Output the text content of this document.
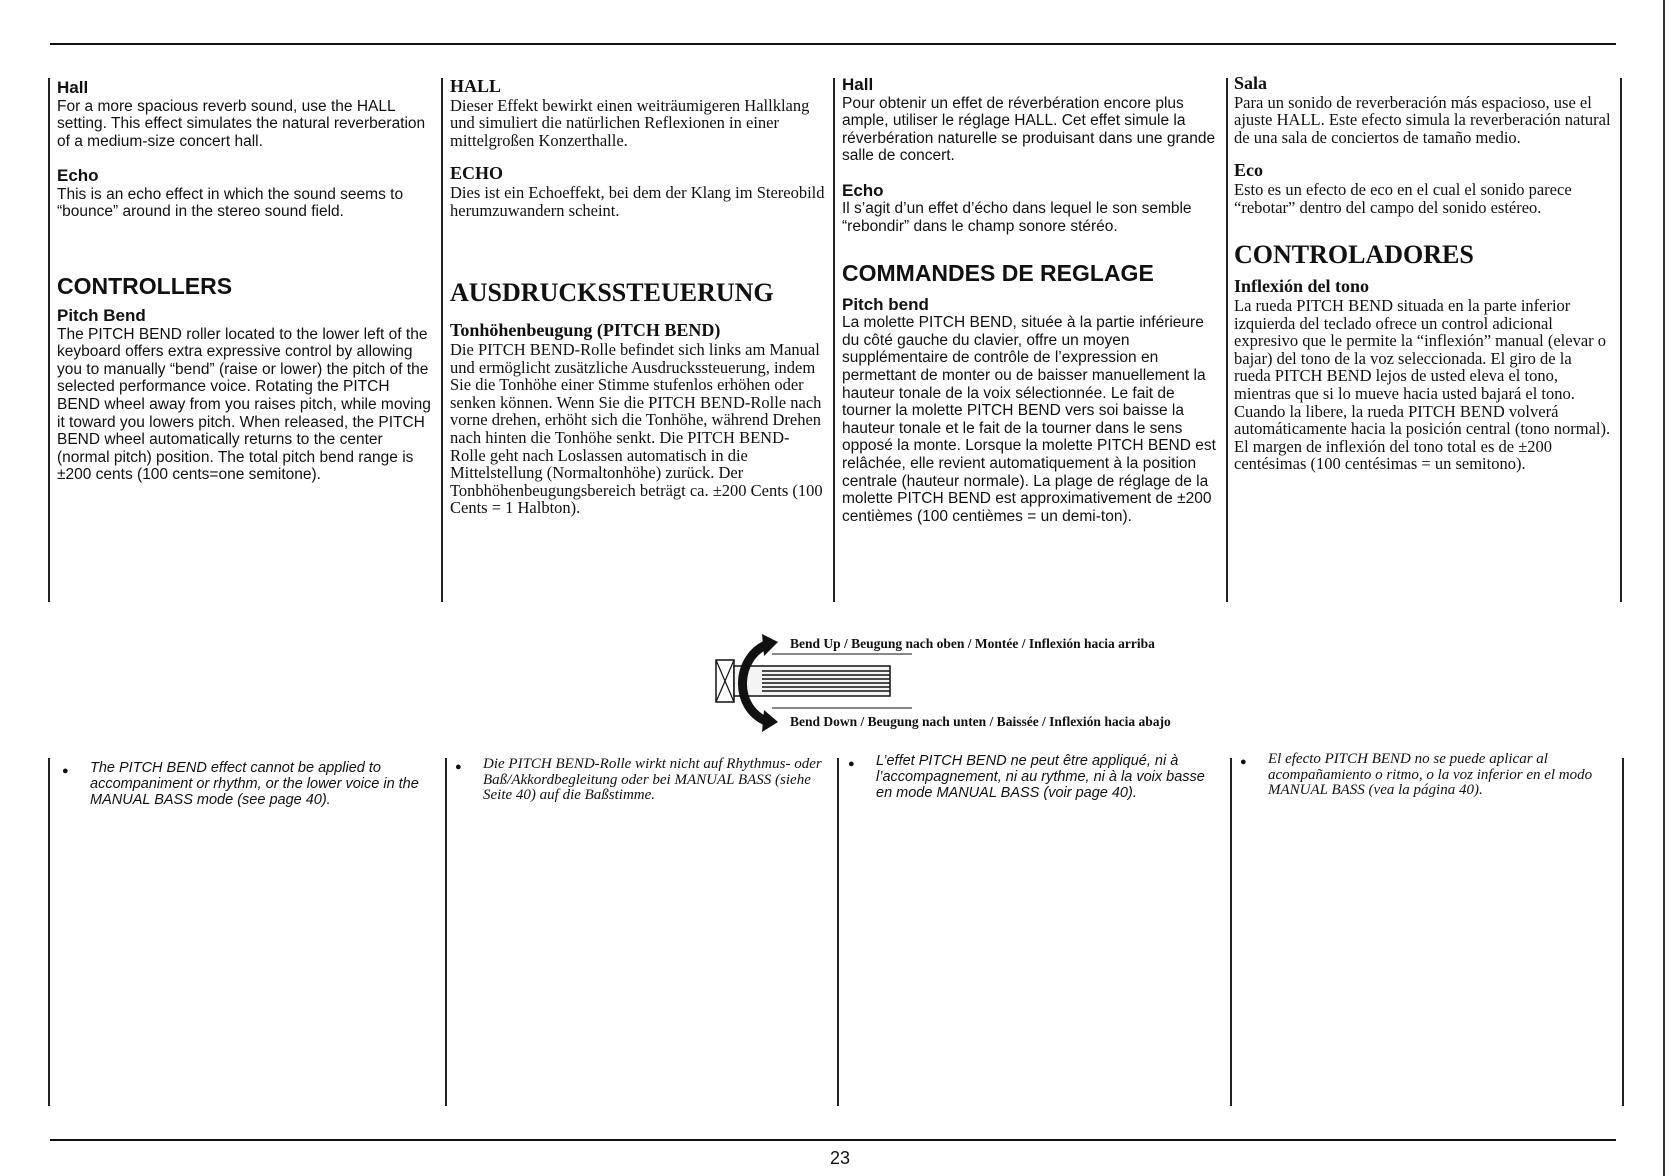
Hall

For a more spacious reverb sound, use the HALL setting. This effect simulates the natural reverberation of a medium-size concert hall.

Echo

This is an echo effect in which the sound seems to “bounce” around in the stereo sound field.

CONTROLLERS

Pitch Bend

The PITCH BEND roller located to the lower left of the keyboard offers extra expressive control by allowing you to manually “bend” (raise or lower) the pitch of the selected performance voice. Rotating the PITCH BEND wheel away from you raises pitch, while moving it toward you lowers pitch. When released, the PITCH BEND wheel automatically returns to the center (normal pitch) position. The total pitch bend range is ±200 cents (100 cents=one semitone).

HALL

Dieser Effekt bewirkt einen weiträumigeren Hallklang und simuliert die natürlichen Reflexionen in einer mittelgroßen Konzerthalle.

ECHO

Dies ist ein Echoeffekt, bei dem der Klang im Stereobild herumzuwandern scheint.

AUSDRUCKSSTEUERUNG

Tonhöhenbeugung (PITCH BEND)

Die PITCH BEND-Rolle befindet sich links am Manual und ermöglicht zusätzliche Ausdruckssteuerung, indem Sie die Tonhöhe einer Stimme stufenlos erhöhen oder senken können. Wenn Sie die PITCH BEND-Rolle nach vorne drehen, erhöht sich die Tonhöhe, während Drehen nach hinten die Tonhöhe senkt. Die PITCH BEND-Rolle geht nach Loslassen automatisch in die Mittelstellung (Normaltonhöhe) zurück. Der Tonbhöhenbeugungsbereich beträgt ca. ±200 Cents (100 Cents = 1 Halbton).

Hall

Pour obtenir un effet de réverbération encore plus ample, utiliser le réglage HALL. Cet effet simule la réverbération naturelle se produisant dans une grande salle de concert.

Echo

Il s’agit d’un effet d’écho dans lequel le son semble “rebondir” dans le champ sonore stéréo.

COMMANDES DE REGLAGE

Pitch bend

La molette PITCH BEND, située à la partie inférieure du côté gauche du clavier, offre un moyen supplémentaire de contrôle de l’expression en permettant de monter ou de baisser manuellement la hauteur tonale de la voix sélectionnée. Le fait de tourner la molette PITCH BEND vers soi baisse la hauteur tonale et le fait de la tourner dans le sens opposé la monte. Lorsque la molette PITCH BEND est relâchée, elle revient automatiquement à la position centrale (hauteur normale). La plage de réglage de la molette PITCH BEND est approximativement de ±200 centièmes (100 centièmes = un demi-ton).

Sala

Para un sonido de reverberación más espacioso, use el ajuste HALL. Este efecto simula la reverberación natural de una sala de conciertos de tamaño medio.

Eco

Esto es un efecto de eco en el cual el sonido parece “rebotar” dentro del campo del sonido estéreo.

CONTROLADORES

Inflexión del tono

La rueda PITCH BEND situada en la parte inferior izquierda del teclado ofrece un control adicional expresivo que le permite la “inflexión” manual (elevar o bajar) del tono de la voz seleccionada. El giro de la rueda PITCH BEND lejos de usted eleva el tono, mientras que si lo mueve hacia usted bajará el tono. Cuando la libere, la rueda PITCH BEND volverá automáticamente hacia la posición central (tono normal). El margen de inflexión del tono total es de ±200 centésimas (100 centésimas = un semitono).

Bend Up / Beugung nach oben / Montée / Inflexión hacia arriba
Bend Down / Beugung nach unten / Baissée / Inflexión hacia abajo
●	The PITCH BEND effect cannot be applied to accompaniment or rhythm, or the lower voice in the MANUAL BASS mode (see page 40).
●	Die PITCH BEND-Rolle wirkt nicht auf Rhythmus- oder Baß/Akkordbegleitung oder bei MANUAL BASS (siehe Seite 40) auf die Baßstimme.
●	L’effet PITCH BEND ne peut être appliqué, ni à l’accompagnement, ni au rythme, ni à la voix basse en mode MANUAL BASS (voir page 40).
●	El efecto PITCH BEND no se puede aplicar al acompañamiento o ritmo, o la voz inferior en el modo MANUAL BASS (vea la página 40).
23
